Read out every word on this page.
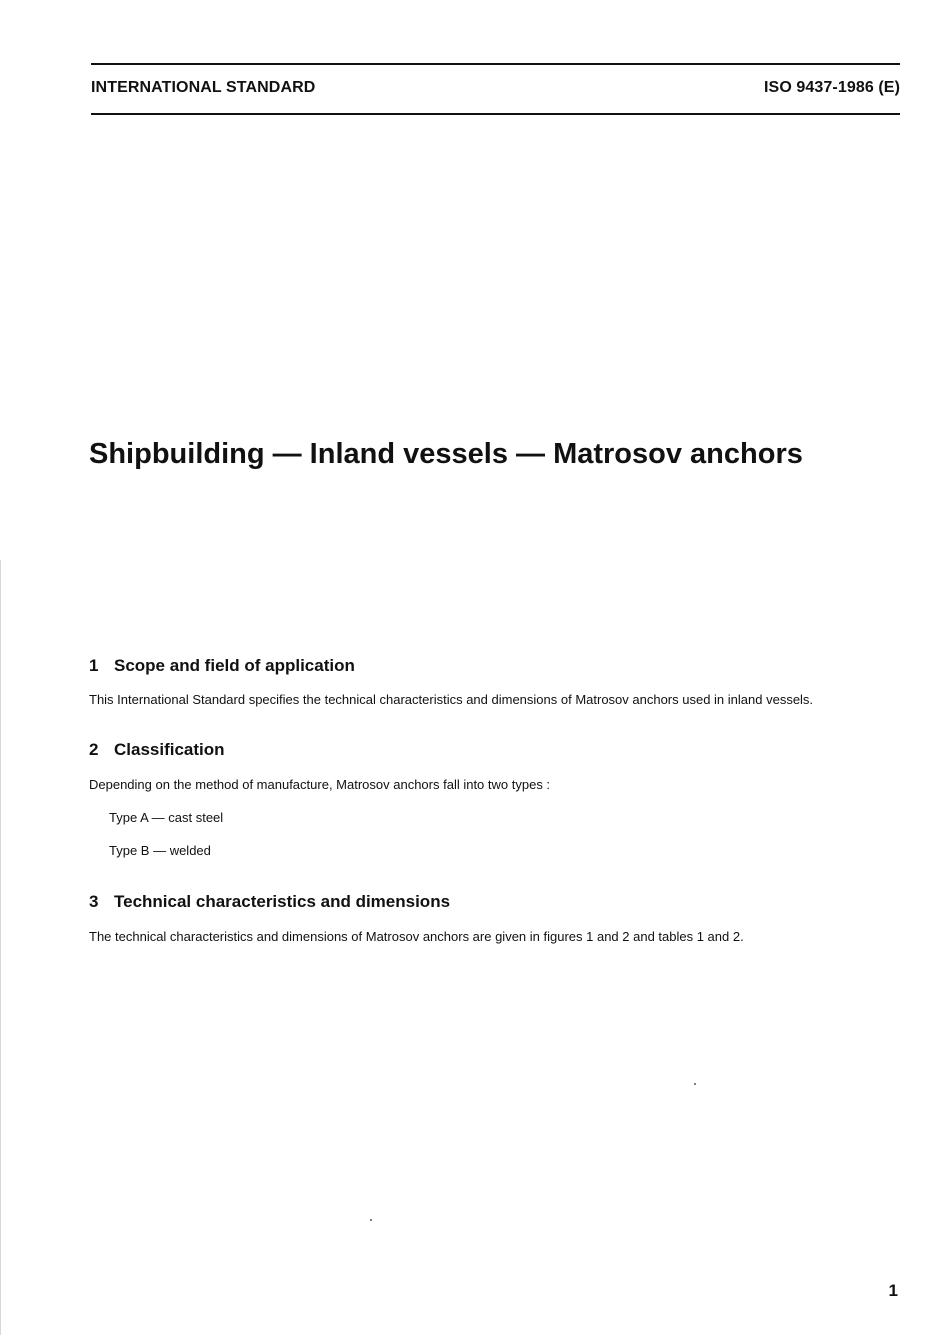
INTERNATIONAL STANDARD	ISO 9437-1986 (E)
Shipbuilding — Inland vessels — Matrosov anchors
1 Scope and field of application
This International Standard specifies the technical characteristics and dimensions of Matrosov anchors used in inland vessels.
2 Classification
Depending on the method of manufacture, Matrosov anchors fall into two types :
Type A — cast steel
Type B — welded
3 Technical characteristics and dimensions
The technical characteristics and dimensions of Matrosov anchors are given in figures 1 and 2 and tables 1 and 2.
1
